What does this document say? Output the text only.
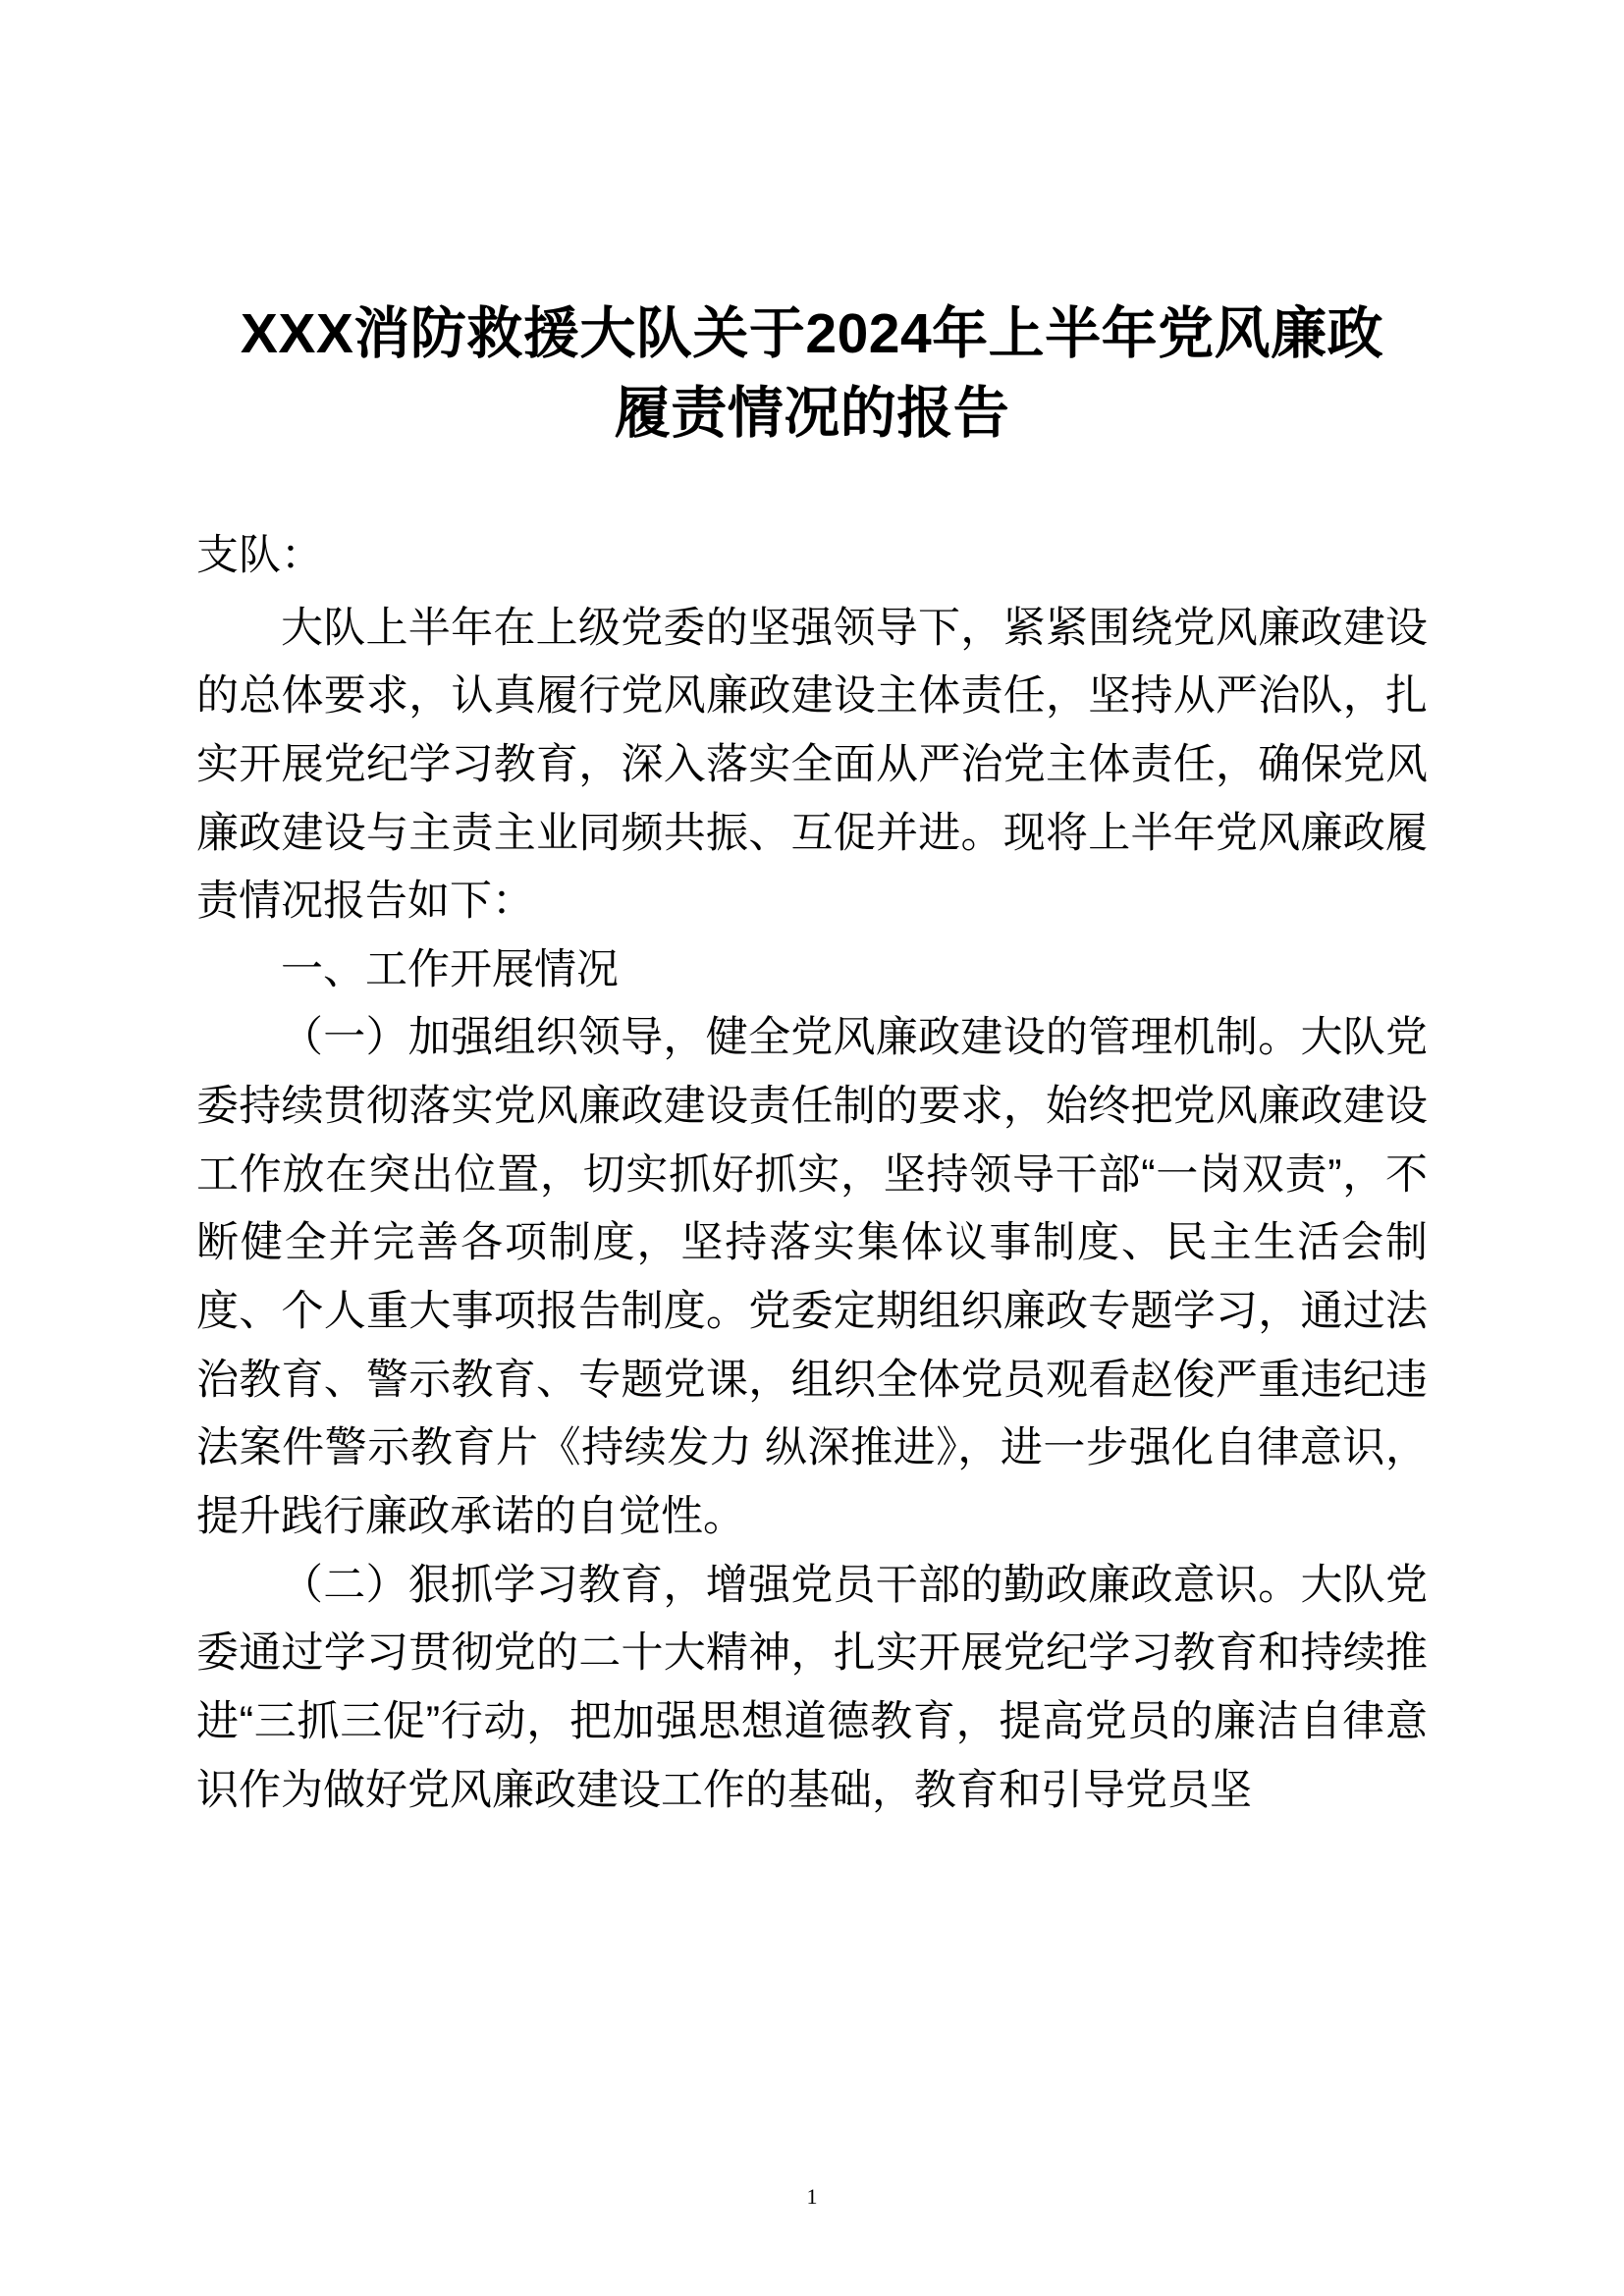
XXX消防救援大队关于2024年上半年党风廉政履责情况的报告

支队：

大队上半年在上级党委的坚强领导下，紧紧围绕党风廉政建设的总体要求，认真履行党风廉政建设主体责任，坚持从严治队，扎实开展党纪学习教育，深入落实全面从严治党主体责任，确保党风廉政建设与主责主业同频共振、互促并进。现将上半年党风廉政履责情况报告如下：

一、工作开展情况

（一）加强组织领导，健全党风廉政建设的管理机制。大队党委持续贯彻落实党风廉政建设责任制的要求，始终把党风廉政建设工作放在突出位置，切实抓好抓实，坚持领导干部“一岗双责”，不断健全并完善各项制度，坚持落实集体议事制度、民主生活会制度、个人重大事项报告制度。党委定期组织廉政专题学习，通过法治教育、警示教育、专题党课，组织全体党员观看赵俊严重违纪违法案件警示教育片《持续发力 纵深推进》，进一步强化自律意识，提升践行廉政承诺的自觉性。

（二）狠抓学习教育，增强党员干部的勤政廉政意识。大队党委通过学习贯彻党的二十大精神，扎实开展党纪学习教育和持续推进“三抓三促”行动，把加强思想道德教育，提高党员的廉洁自律意识作为做好党风廉政建设工作的基础，教育和引导党员坚

1
